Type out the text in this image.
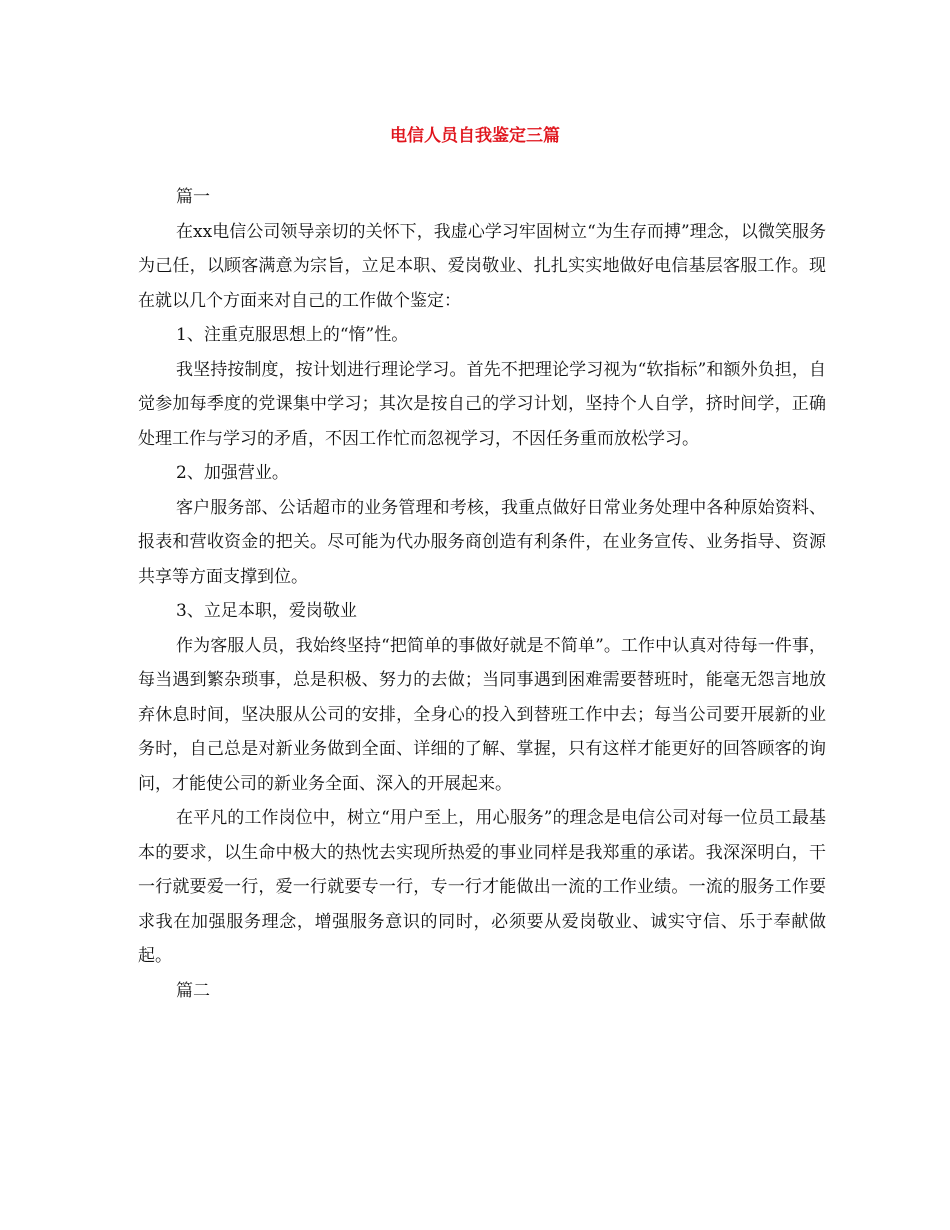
电信人员自我鉴定三篇

篇一

在xx电信公司领导亲切的关怀下，我虚心学习牢固树立“为生存而搏”理念，以微笑服务为己任，以顾客满意为宗旨，立足本职、爱岗敬业、扎扎实实地做好电信基层客服工作。现在就以几个方面来对自己的工作做个鉴定：

1、注重克服思想上的“惰”性。

我坚持按制度，按计划进行理论学习。首先不把理论学习视为“软指标”和额外负担，自觉参加每季度的党课集中学习；其次是按自己的学习计划，坚持个人自学，挤时间学，正确处理工作与学习的矛盾，不因工作忙而忽视学习，不因任务重而放松学习。

2、加强营业。

客户服务部、公话超市的业务管理和考核，我重点做好日常业务处理中各种原始资料、报表和营收资金的把关。尽可能为代办服务商创造有利条件，在业务宣传、业务指导、资源共享等方面支撑到位。

3、立足本职，爱岗敬业

作为客服人员，我始终坚持“把简单的事做好就是不简单”。工作中认真对待每一件事，每当遇到繁杂琐事，总是积极、努力的去做；当同事遇到困难需要替班时，能毫无怨言地放弃休息时间，坚决服从公司的安排，全身心的投入到替班工作中去；每当公司要开展新的业务时，自己总是对新业务做到全面、详细的了解、掌握，只有这样才能更好的回答顾客的询问，才能使公司的新业务全面、深入的开展起来。

在平凡的工作岗位中，树立“用户至上，用心服务”的理念是电信公司对每一位员工最基本的要求，以生命中极大的热忱去实现所热爱的事业同样是我郑重的承诺。我深深明白，干一行就要爱一行，爱一行就要专一行，专一行才能做出一流的工作业绩。一流的服务工作要求我在加强服务理念，增强服务意识的同时，必须要从爱岗敬业、诚实守信、乐于奉献做起。

篇二
